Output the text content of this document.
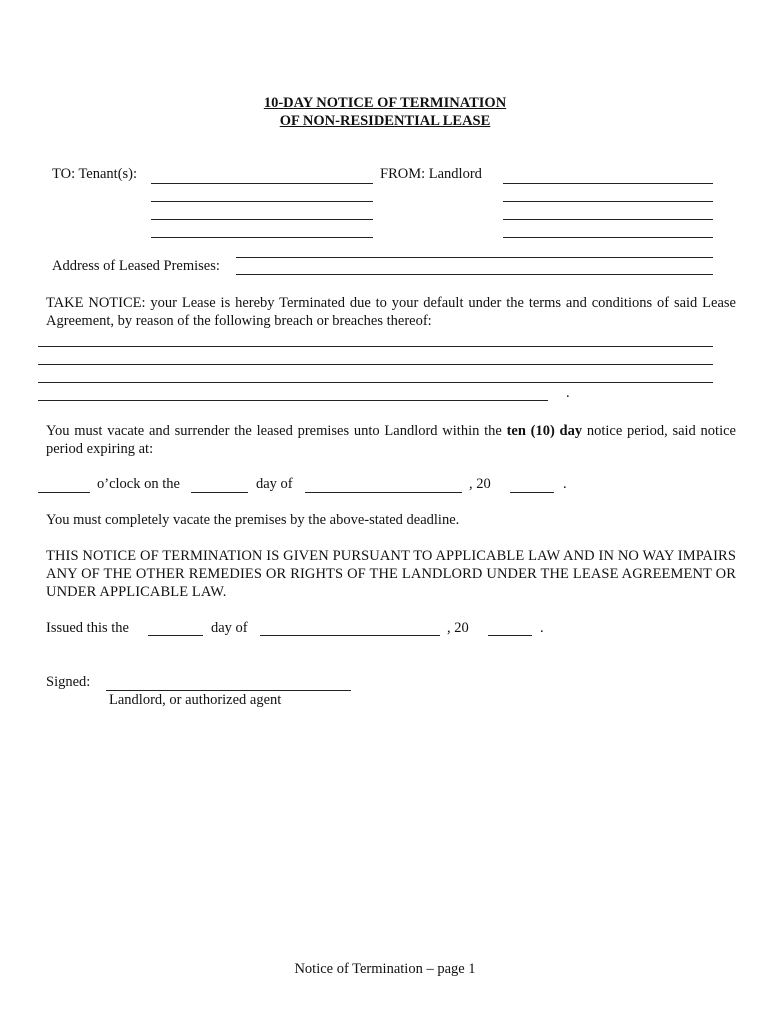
10-DAY NOTICE OF TERMINATION
OF NON-RESIDENTIAL LEASE
TO: Tenant(s):	FROM: Landlord
Address of Leased Premises:
TAKE NOTICE: your Lease is hereby Terminated due to your default under the terms and conditions of said Lease Agreement, by reason of the following breach or breaches thereof:
.
You must vacate and surrender the leased premises unto Landlord within the ten (10) day notice period, said notice period expiring at:
o’clock on the	day of	, 20	.
You must completely vacate the premises by the above-stated deadline.
THIS NOTICE OF TERMINATION IS GIVEN PURSUANT TO APPLICABLE LAW AND IN NO WAY IMPAIRS ANY OF THE OTHER REMEDIES OR RIGHTS OF THE LANDLORD UNDER THE LEASE AGREEMENT OR UNDER APPLICABLE LAW.
Issued this the	day of	, 20	.
Signed:
Landlord, or authorized agent
Notice of Termination – page 1
